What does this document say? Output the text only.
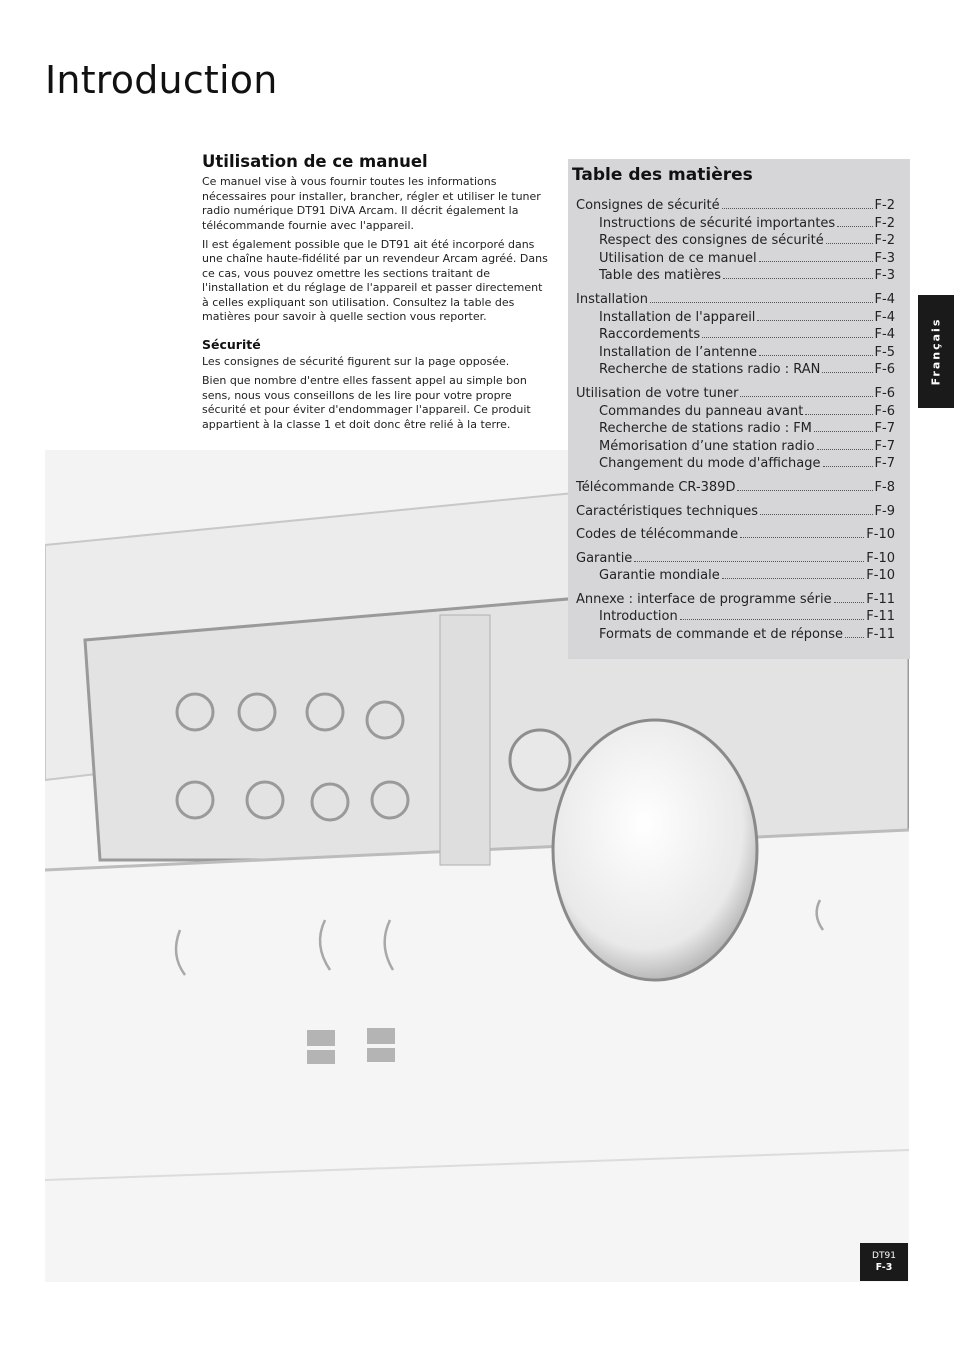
Introduction
Utilisation de ce manuel

Ce manuel vise à vous fournir toutes les informations nécessaires pour installer, brancher, régler et utiliser le tuner radio numérique DT91 DiVA Arcam. Il décrit également la télécommande fournie avec l'appareil.

Il est également possible que le DT91 ait été incorporé dans une chaîne haute-fidélité par un revendeur Arcam agréé. Dans ce cas, vous pouvez omettre les sections traitant de l'installation et du réglage de l'appareil et passer directement à celles expliquant son utilisation. Consultez la table des matières pour savoir à quelle section vous reporter.

Sécurité

Les consignes de sécurité figurent sur la page opposée.

Bien que nombre d'entre elles fassent appel au simple bon sens, nous vous conseillons de les lire pour votre propre sécurité et pour éviter d'endommager l'appareil. Ce produit appartient à la classe 1 et doit donc être relié à la terre.

Table des matières
Consignes de sécurité	F-2
Instructions de sécurité importantes	F-2
Respect des consignes de sécurité	F-2
Utilisation de ce manuel	F-3
Table des matières	F-3
Installation	F-4
Installation de l'appareil	F-4
Raccordements	F-4
Installation de l’antenne	F-5
Recherche de stations radio : RAN	F-6
Utilisation de votre tuner	F-6
Commandes du panneau avant	F-6
Recherche de stations radio : FM	F-7
Mémorisation d’une station radio	F-7
Changement du mode d'affichage	F-7
Télécommande CR-389D	F-8
Caractéristiques techniques	F-9
Codes de télécommande	F-10
Garantie	F-10
Garantie mondiale	F-10
Annexe : interface de programme série	F-11
Introduction	F-11
Formats de commande et de réponse F-11
Français
DT91
F-3
